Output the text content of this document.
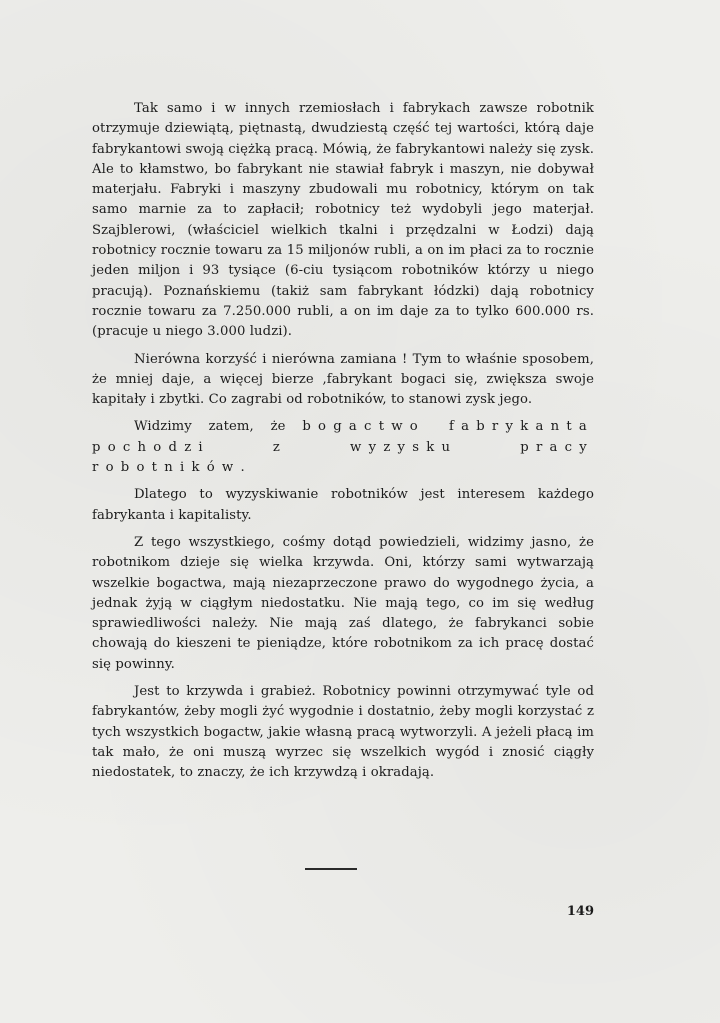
Tak samo i w innych rzemiosłach i fabrykach zawsze robotnik otrzymuje dziewiątą, piętnastą, dwudziestą część tej wartości, którą daje fabrykantowi swoją ciężką pracą. Mówią, że fabrykantowi należy się zysk. Ale to kłamstwo, bo fabrykant nie stawiał fabryk i maszyn, nie dobywał materjału. Fabryki i maszyny zbudowali mu robotnicy, którym on tak samo marnie za to zapłacił; robotnicy też wydobyli jego materjał. Szajblerowi, (właściciel wielkich tkalni i przędzalni w Łodzi) dają robotnicy rocznie towaru za 15 miljonów rubli, a on im płaci za to rocznie jeden miljon i 93 tysiące (6-ciu tysiącom robotników którzy u niego pracują). Poznańskiemu (takiż sam fabrykant łódzki) dają robotnicy rocznie towaru za 7.250.000 rubli, a on im daje za to tylko 600.000 rs. (pracuje u niego 3.000 ludzi).

Nierówna korzyść i nierówna zamiana ! Tym to właśnie sposobem, że mniej daje, a więcej bierze ,fabrykant bogaci się, zwiększa swoje kapitały i zbytki. Co zagrabi od robotników, to stanowi zysk jego.

Widzimy zatem, że bogactwo fabrykanta pochodzi z wyzysku pracy robotników.

Dlatego to wyzyskiwanie robotników jest interesem każdego fabrykanta i kapitalisty.

Z tego wszystkiego, cośmy dotąd powiedzieli, widzimy jasno, że robotnikom dzieje się wielka krzywda. Oni, którzy sami wytwarzają wszelkie bogactwa, mają niezaprzeczone prawo do wygodnego życia, a jednak żyją w ciągłym niedostatku. Nie mają tego, co im się według sprawiedliwości należy. Nie mają zaś dlatego, że fabrykanci sobie chowają do kieszeni te pieniądze, które robotnikom za ich pracę dostać się powinny.

Jest to krzywda i grabież. Robotnicy powinni otrzymywać tyle od fabrykantów, żeby mogli żyć wygodnie i dostatnio, żeby mogli korzystać z tych wszystkich bogactw, jakie własną pracą wytworzyli. A jeżeli płacą im tak mało, że oni muszą wyrzec się wszelkich wygód i znosić ciągły niedostatek, to znaczy, że ich krzywdzą i okradają.

149
